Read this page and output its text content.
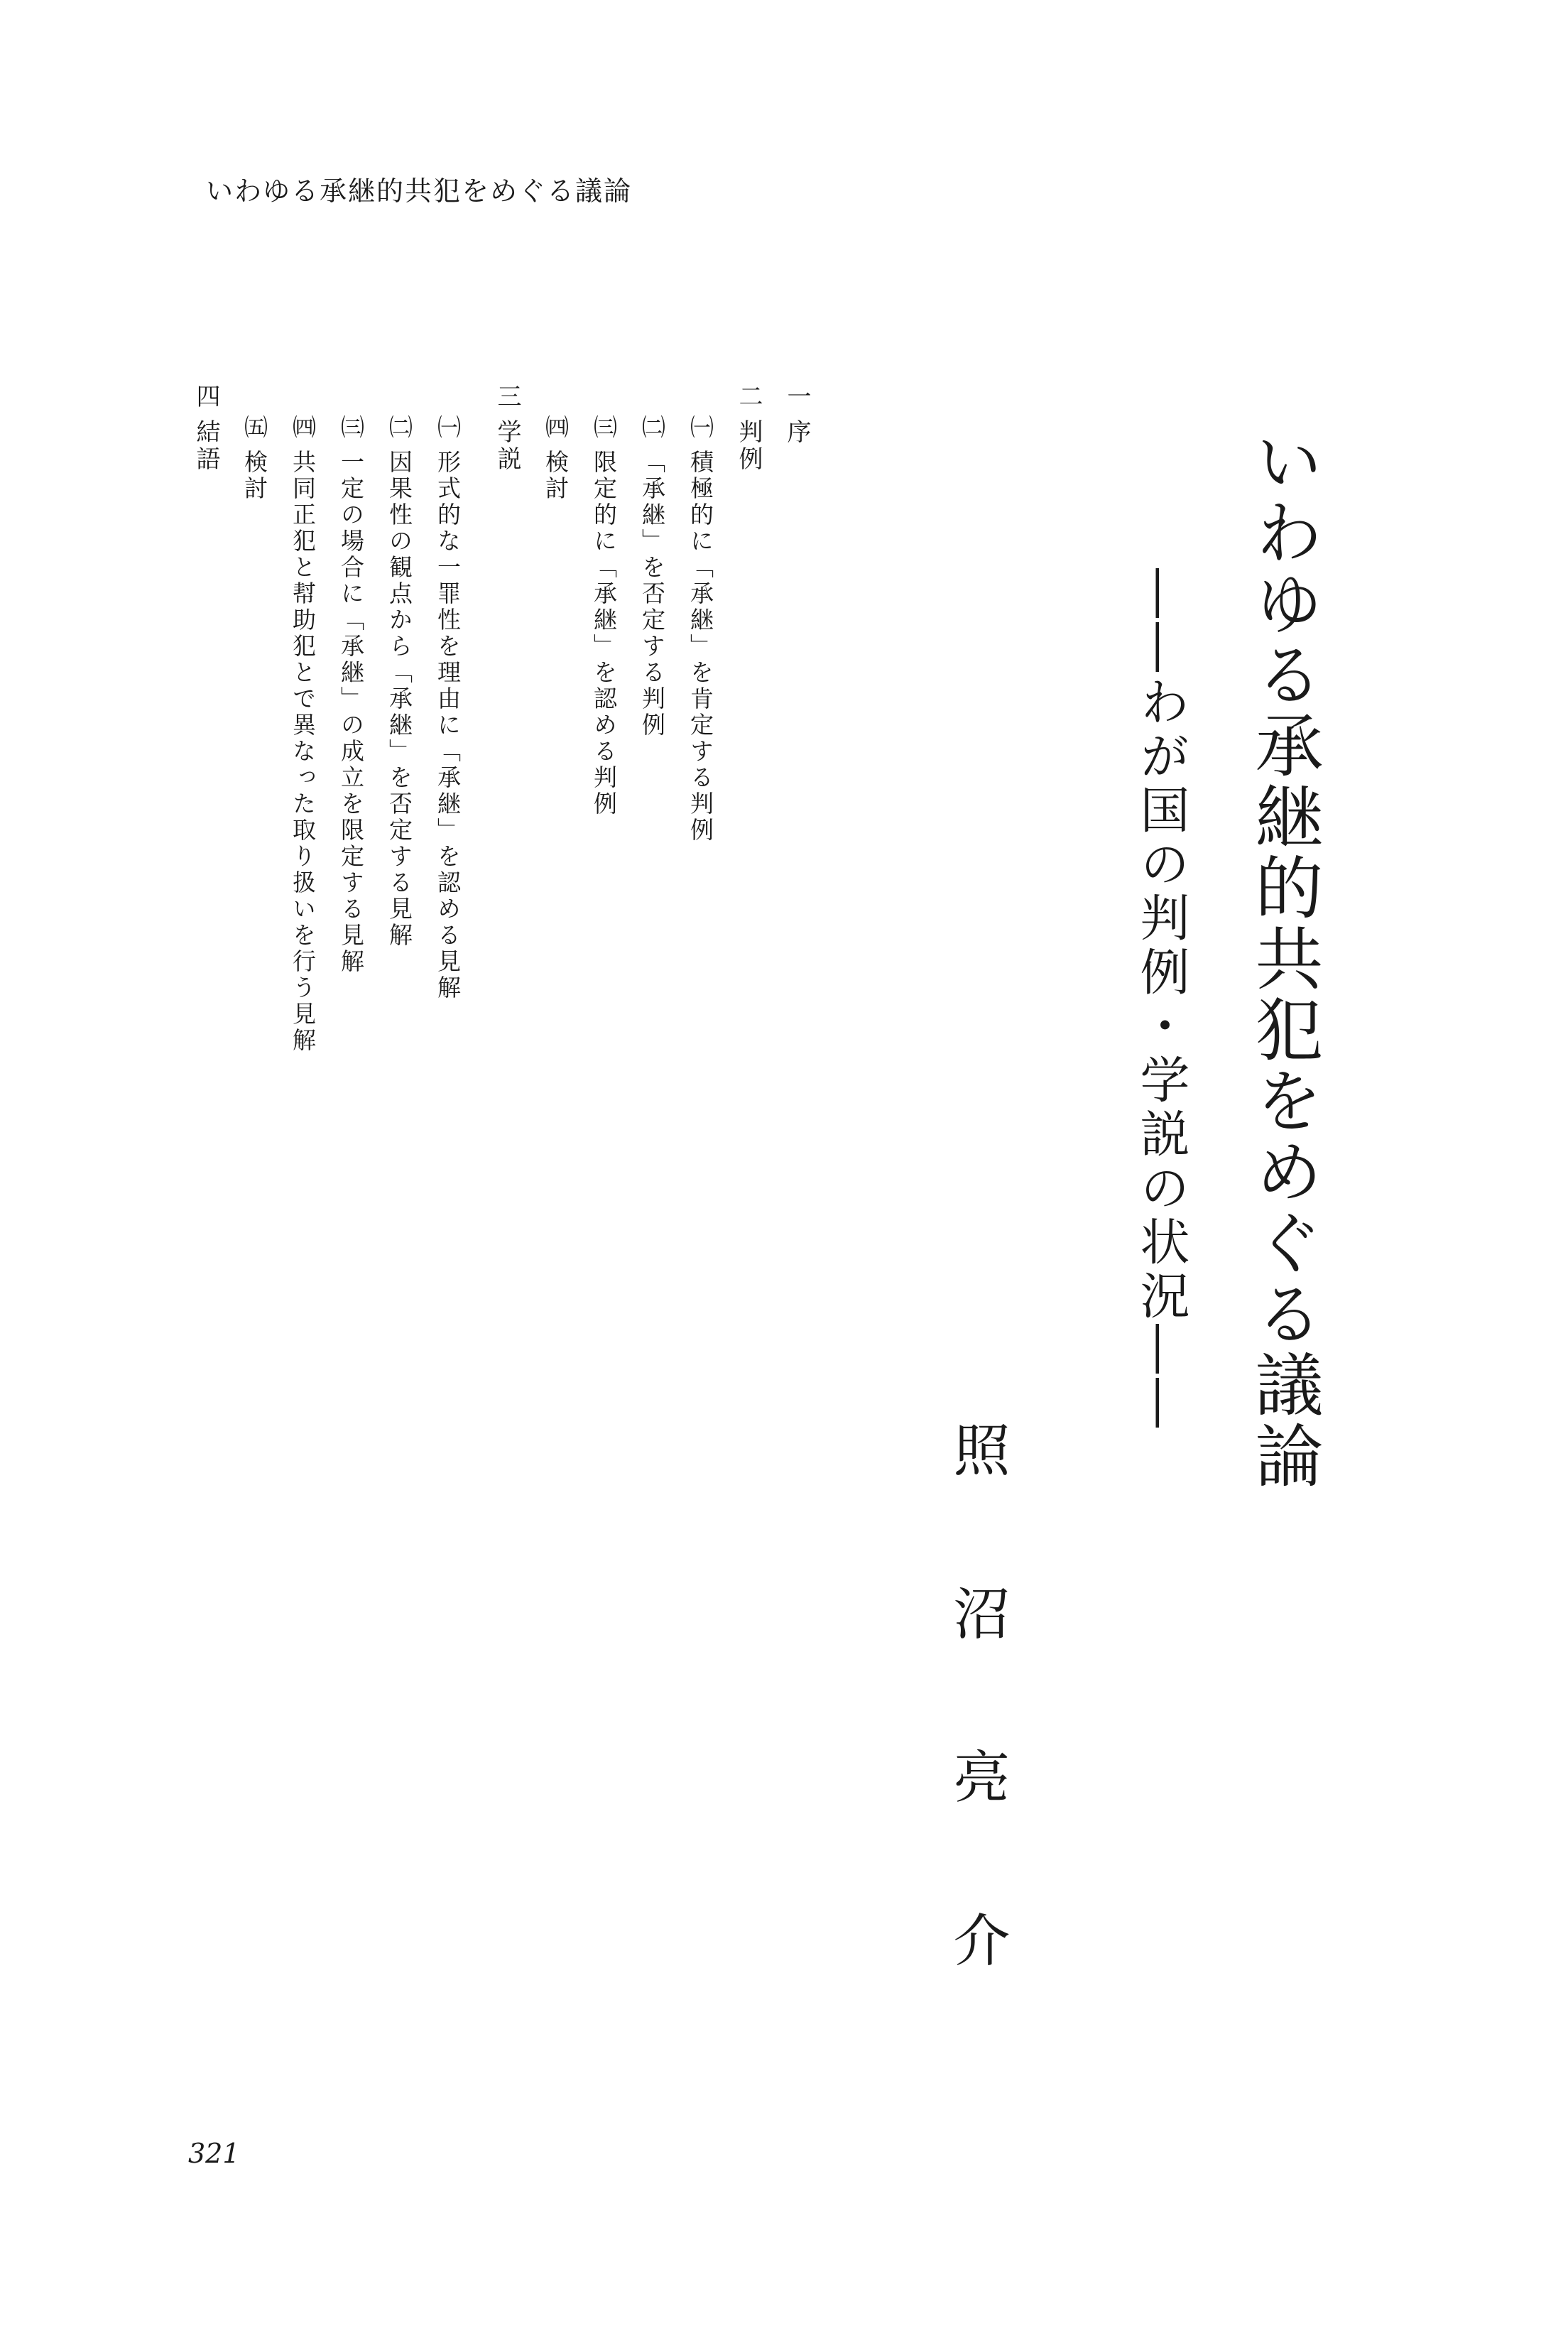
いわゆる承継的共犯をめぐる議論
いわゆる承継的共犯をめぐる議論
――わが国の判例・学説の状況――
照沼亮介
一序
二判例
㈠積極的に「承継」を肯定する判例
㈡「承継」を否定する判例
㈢限定的に「承継」を認める判例
㈣検討
三学説
㈠形式的な一罪性を理由に「承継」を認める見解
㈡因果性の観点から「承継」を否定する見解
㈢一定の場合に「承継」の成立を限定する見解
㈣共同正犯と幇助犯とで異なった取り扱いを行う見解
㈤検討
四結語
321
